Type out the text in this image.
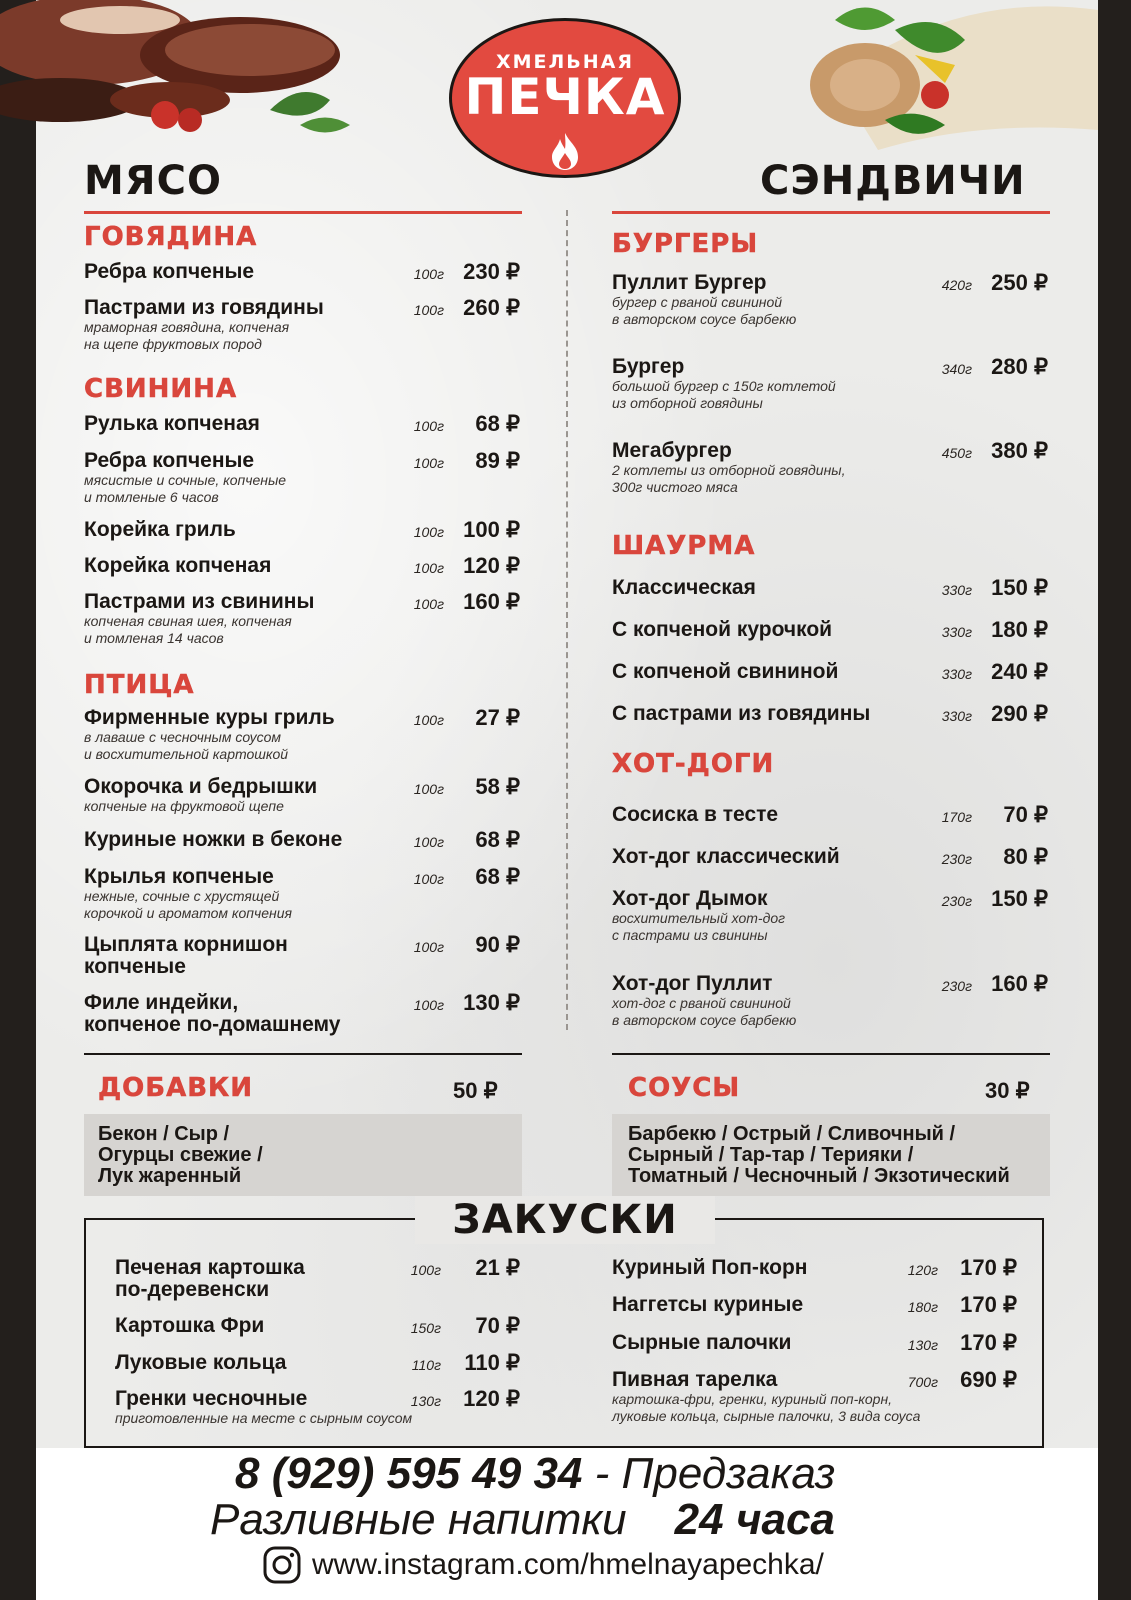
ХМЕЛЬНАЯ
ПЕЧКА
МЯСО	СЭНДВИЧИ
ГОВЯДИНА
СВИНИНА
ПТИЦА
БУРГЕРЫ
ШАУРМА
ХОТ-ДОГИ
Ребра копченые	100г 230 ₽
Пастрами из говядины
мраморная говядина, копченая
на щепе фруктовых пород
100г 260 ₽
Рулька копченая	100г 68 ₽
Ребра копченые
мясистые и сочные, копченые
и томленые 6 часов
100г 89 ₽
Корейка гриль	100г 100 ₽
Корейка копченая	100г 120 ₽
Пастрами из свинины
копченая свиная шея, копченая
и томленая 14 часов
100г 160 ₽
Фирменные куры гриль
в лаваше с чесночным соусом
и восхитительной картошкой
100г 27 ₽
Окорочка и бедрышки
копченые на фруктовой щепе
100г 58 ₽
Куриные ножки в беконе	100г 68 ₽
Крылья копченые
нежные, сочные с хрустящей
корочкой и ароматом копчения
100г 68 ₽
Цыплята корнишон
копченые
100г 90 ₽
Филе индейки,
копченое по-домашнему
100г 130 ₽
Пуллит Бургер
бургер с рваной свининой
в авторском соусе барбекю
420г 250 ₽
Бургер
большой бургер с 150г котлетой
из отборной говядины
340г 280 ₽
Мегабургер
2 котлеты из отборной говядины,
300г чистого мяса
450г 380 ₽
Классическая	330г 150 ₽
С копченой курочкой	330г 180 ₽
С копченой свининой	330г 240 ₽
С пастрами из говядины	330г 290 ₽
Сосиска в тесте	170г 70 ₽
Хот-дог классический	230г 80 ₽
Хот-дог Дымок
восхитительный хот-дог
с пастрами из свинины
230г 150 ₽
Хот-дог Пуллит
хот-дог с рваной свининой
в авторском соусе барбекю
230г 160 ₽
Печеная картошка
по-деревенски
100г 21 ₽
Картошка Фри	150г 70 ₽
Луковые кольца	110г 110 ₽
Гренки чесночные
приготовленные на месте с сырным соусом
130г 120 ₽
Куриный Поп-корн	120г 170 ₽
Наггетсы куриные	180г 170 ₽
Сырные палочки	130г 170 ₽
Пивная тарелка
картошка-фри, гренки, куриный поп-корн,
луковые кольца, сырные палочки, 3 вида соуса
700г 690 ₽
ДОБАВКИ	50 ₽
Бекон / Сыр /
Огурцы свежие /
Лук жаренный
СОУСЫ	30 ₽
Барбекю / Острый / Сливочный /
Сырный / Тар-тар / Терияки /
Томатный / Чесночный / Экзотический
ЗАКУСКИ
8 (929) 595 49 34 - Предзаказ
Разливные напитки 24 часа
www.instagram.com/hmelnayapechka/
